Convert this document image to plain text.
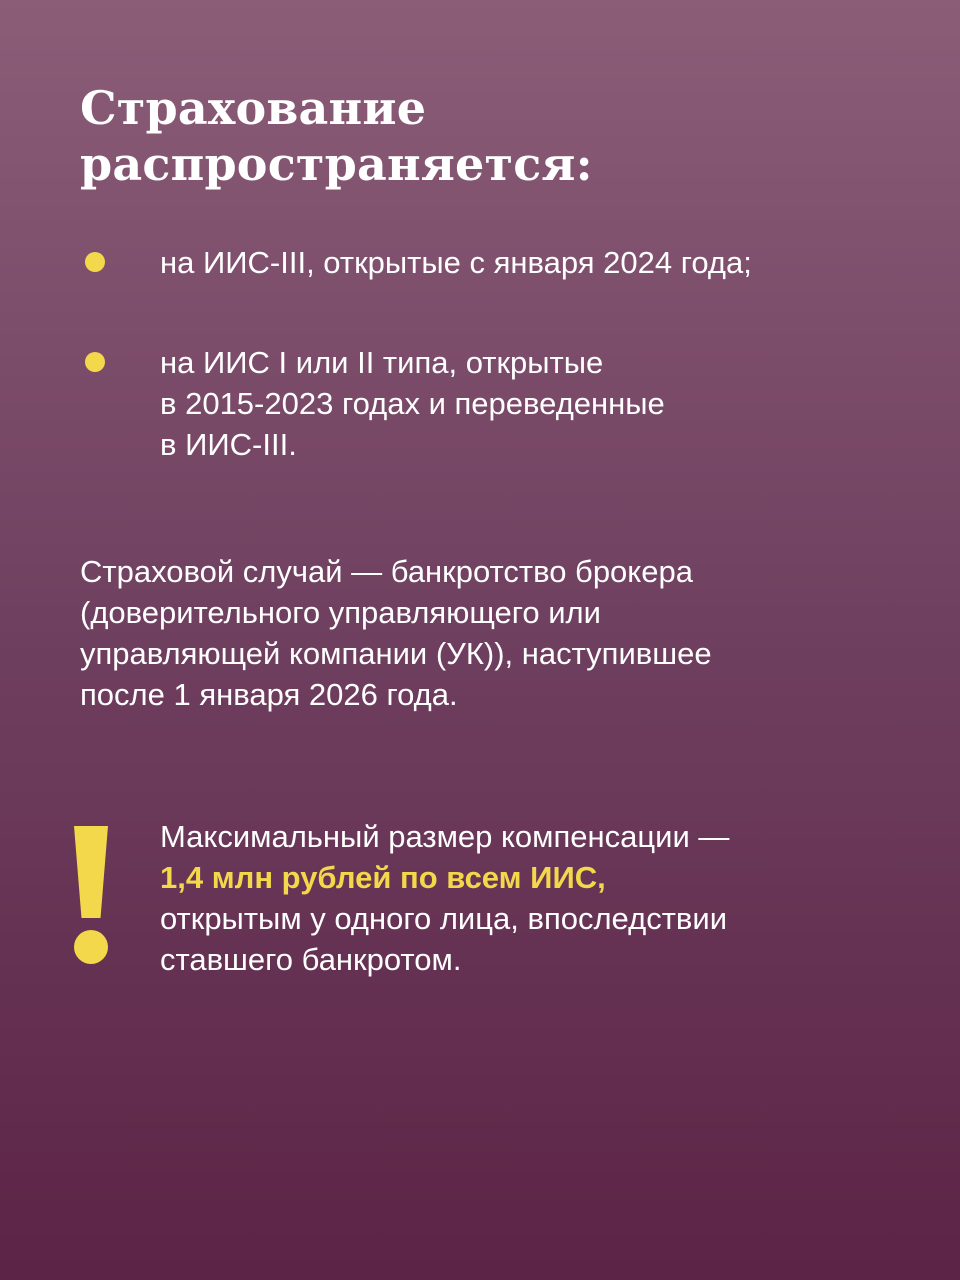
Страхование
распространяется:
на ИИС-III, открытые с января 2024 года;
на ИИС I или II типа, открытые
в 2015-2023 годах и переведенные
в ИИС-III.
Страховой случай — банкротство брокера
(доверительного управляющего или
управляющей компании (УК)), наступившее
после 1 января 2026 года.
Максимальный размер компенсации —
1,4 млн рублей по всем ИИС,
открытым у одного лица, впоследствии
ставшего банкротом.
